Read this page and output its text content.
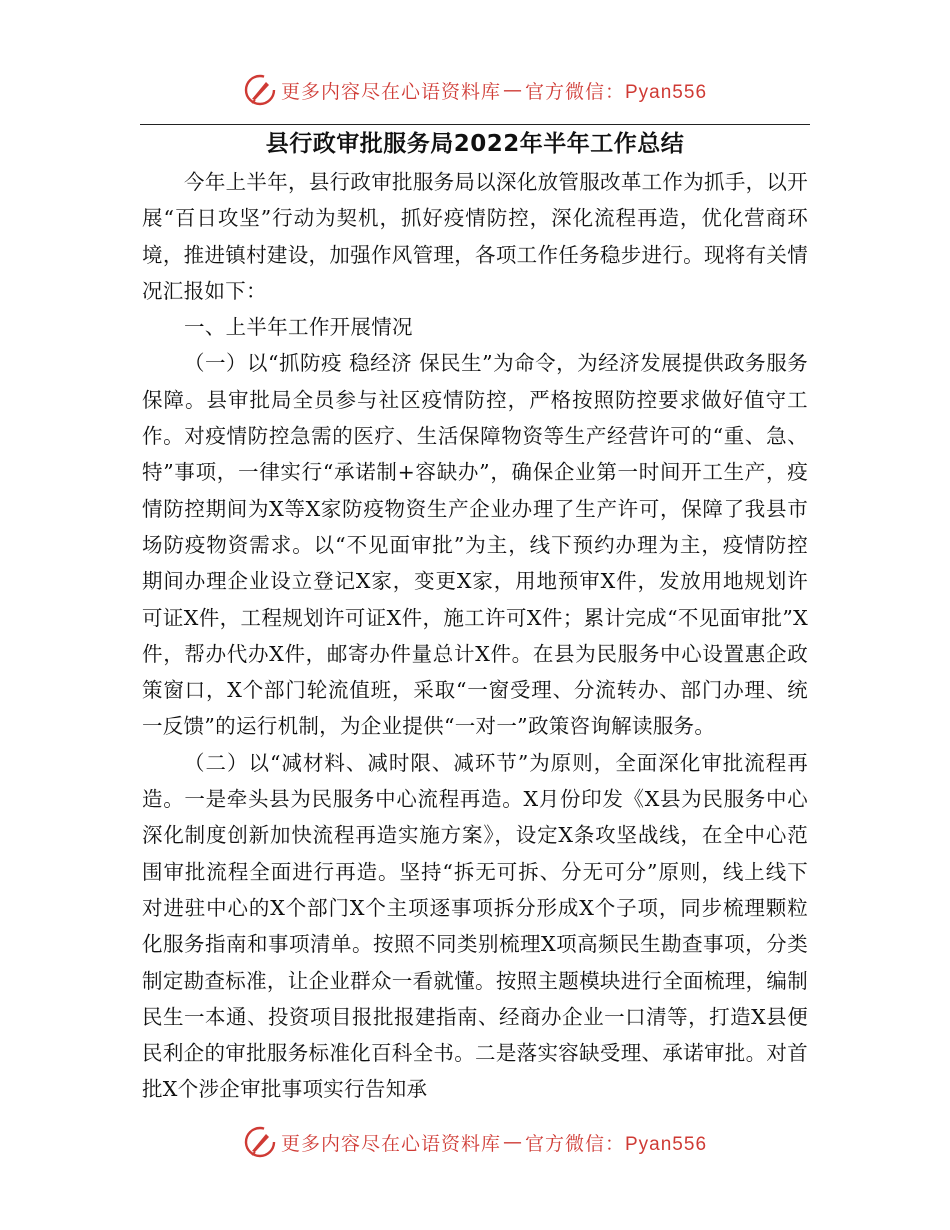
更多内容尽在心语资料库 — 官方微信：Pyan556
县行政审批服务局2022年半年工作总结

今年上半年，县行政审批服务局以深化放管服改革工作为抓手，以开展“百日攻坚”行动为契机，抓好疫情防控，深化流程再造，优化营商环境，推进镇村建设，加强作风管理，各项工作任务稳步进行。现将有关情况汇报如下：

一、上半年工作开展情况

（一）以“抓防疫 稳经济 保民生”为命令，为经济发展提供政务服务保障。县审批局全员参与社区疫情防控，严格按照防控要求做好值守工作。对疫情防控急需的医疗、生活保障物资等生产经营许可的“重、急、特”事项，一律实行“承诺制+容缺办”，确保企业第一时间开工生产，疫情防控期间为X等X家防疫物资生产企业办理了生产许可，保障了我县市场防疫物资需求。以“不见面审批”为主，线下预约办理为主，疫情防控期间办理企业设立登记X家，变更X家，用地预审X件，发放用地规划许可证X件，工程规划许可证X件，施工许可X件；累计完成“不见面审批”X件，帮办代办X件，邮寄办件量总计X件。在县为民服务中心设置惠企政策窗口，X个部门轮流值班，采取“一窗受理、分流转办、部门办理、统一反馈”的运行机制，为企业提供“一对一”政策咨询解读服务。

（二）以“减材料、减时限、减环节”为原则，全面深化审批流程再造。一是牵头县为民服务中心流程再造。X月份印发《X县为民服务中心深化制度创新加快流程再造实施方案》，设定X条攻坚战线，在全中心范围审批流程全面进行再造。坚持“拆无可拆、分无可分”原则，线上线下对进驻中心的X个部门X个主项逐事项拆分形成X个子项，同步梳理颗粒化服务指南和事项清单。按照不同类别梳理X项高频民生勘查事项，分类制定勘查标准，让企业群众一看就懂。按照主题模块进行全面梳理，编制民生一本通、投资项目报批报建指南、经商办企业一口清等，打造X县便民利企的审批服务标准化百科全书。二是落实容缺受理、承诺审批。对首批X个涉企审批事项实行告知承

更多内容尽在心语资料库 — 官方微信：Pyan556
